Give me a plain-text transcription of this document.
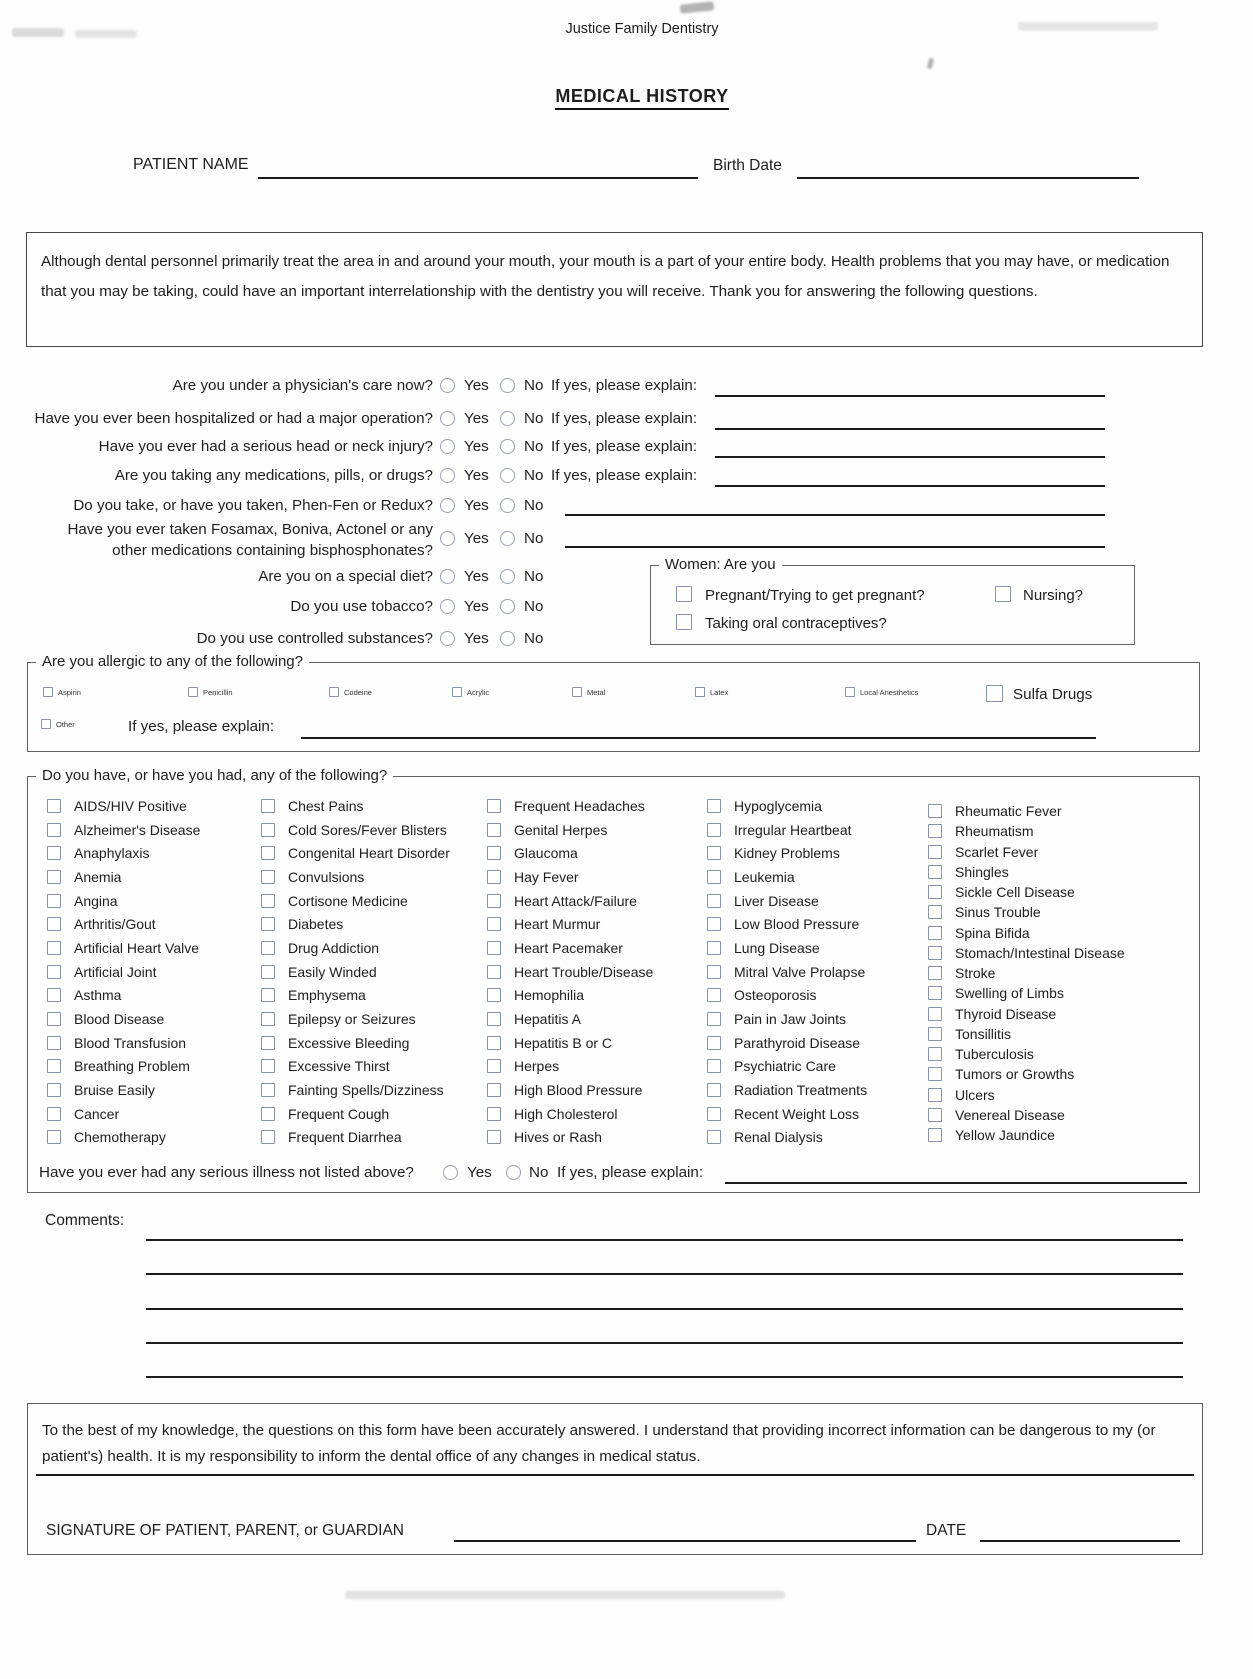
Justice Family Dentistry
MEDICAL HISTORY
PATIENT NAME	Birth Date

Although dental personnel primarily treat the area in and around your mouth, your mouth is a part of your entire body. Health problems that you may have, or medication that you may be taking, could have an important interrelationship with the dentistry you will receive. Thank you for answering the following questions.

Are you under a physician's care now? Yes No If yes, please explain:
Have you ever been hospitalized or had a major operation? Yes No If yes, please explain:
Have you ever had a serious head or neck injury? Yes No If yes, please explain:
Are you taking any medications, pills, or drugs? Yes No If yes, please explain:
Do you take, or have you taken, Phen-Fen or Redux? Yes No
Have you ever taken Fosamax, Boniva, Actonel or any other medications containing bisphosphonates?
Yes No
Are you on a special diet? Yes No
Do you use tobacco? Yes No
Do you use controlled substances? Yes No
Women: Are you
Pregnant/Trying to get pregnant?	Nursing?
Taking oral contraceptives?
Are you allergic to any of the following?
Aspirin	Penicillin	Codeine	Acrylic	Metal	Latex	Local Anesthetics	Sulfa Drugs
Other	If yes, please explain:
Do you have, or have you had, any of the following?
AIDS/HIV Positive
Alzheimer's Disease
Anaphylaxis
Anemia
Angina
Arthritis/Gout
Artificial Heart Valve
Artificial Joint
Asthma
Blood Disease
Blood Transfusion
Breathing Problem
Bruise Easily
Cancer
Chemotherapy
Chest Pains
Cold Sores/Fever Blisters
Congenital Heart Disorder
Convulsions
Cortisone Medicine
Diabetes
Drug Addiction
Easily Winded
Emphysema
Epilepsy or Seizures
Excessive Bleeding
Excessive Thirst
Fainting Spells/Dizziness
Frequent Cough
Frequent Diarrhea
Frequent Headaches
Genital Herpes
Glaucoma
Hay Fever
Heart Attack/Failure
Heart Murmur
Heart Pacemaker
Heart Trouble/Disease
Hemophilia
Hepatitis A
Hepatitis B or C
Herpes
High Blood Pressure
High Cholesterol
Hives or Rash
Hypoglycemia
Irregular Heartbeat
Kidney Problems
Leukemia
Liver Disease
Low Blood Pressure
Lung Disease
Mitral Valve Prolapse
Osteoporosis
Pain in Jaw Joints
Parathyroid Disease
Psychiatric Care
Radiation Treatments
Recent Weight Loss
Renal Dialysis
Rheumatic Fever
Rheumatism
Scarlet Fever
Shingles
Sickle Cell Disease
Sinus Trouble
Spina Bifida
Stomach/Intestinal Disease
Stroke
Swelling of Limbs
Thyroid Disease
Tonsillitis
Tuberculosis
Tumors or Growths
Ulcers
Venereal Disease
Yellow Jaundice
Have you ever had any serious illness not listed above?	Yes No If yes, please explain:
Comments:

To the best of my knowledge, the questions on this form have been accurately answered. I understand that providing incorrect information can be dangerous to my (or patient's) health. It is my responsibility to inform the dental office of any changes in medical status.

SIGNATURE OF PATIENT, PARENT, or GUARDIAN	DATE
